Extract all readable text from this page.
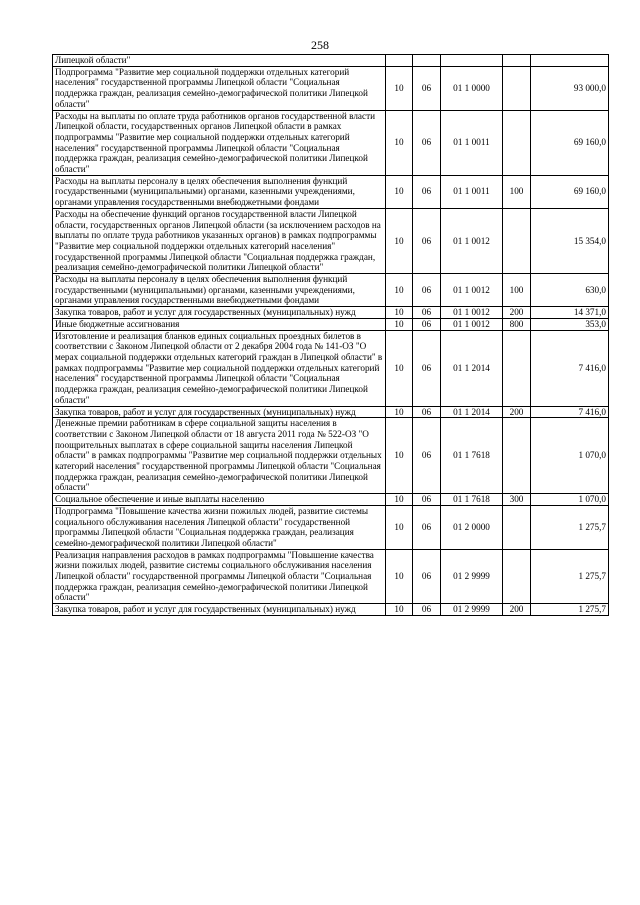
258
Липецкой области"					
Подпрограмма "Развитие мер социальной поддержки отдельных категорий населения" государственной программы Липецкой области "Социальная поддержка граждан, реализация семейно-демографической политики Липецкой области"	10	06	01 1 0000		93 000,0
Расходы на выплаты по оплате труда работников органов государственной власти Липецкой области, государственных органов Липецкой области в рамках подпрограммы "Развитие мер социальной поддержки отдельных категорий населения" государственной программы Липецкой области "Социальная поддержка граждан, реализация семейно-демографической политики Липецкой области"	10	06	01 1 0011		69 160,0
Расходы на выплаты персоналу в целях обеспечения выполнения функций государственными (муниципальными) органами, казенными учреждениями, органами управления государственными внебюджетными фондами	10	06	01 1 0011	100	69 160,0
Расходы на обеспечение функций органов государственной власти Липецкой области, государственных органов Липецкой области (за исключением расходов на выплаты по оплате труда работников указанных органов) в рамках подпрограммы "Развитие мер социальной поддержки отдельных категорий населения" государственной программы Липецкой области "Социальная поддержка граждан, реализация семейно-демографической политики Липецкой области"	10	06	01 1 0012		15 354,0
Расходы на выплаты персоналу в целях обеспечения выполнения функций государственными (муниципальными) органами, казенными учреждениями, органами управления государственными внебюджетными фондами	10	06	01 1 0012	100	630,0
Закупка товаров, работ и услуг для государственных (муниципальных) нужд	10	06	01 1 0012	200	14 371,0
Иные бюджетные ассигнования	10	06	01 1 0012	800	353,0
Изготовление и реализация бланков единых социальных проездных билетов в соответствии с Законом Липецкой области от 2 декабря 2004 года № 141-ОЗ "О мерах социальной поддержки отдельных категорий граждан в Липецкой области" в рамках подпрограммы "Развитие мер социальной поддержки отдельных категорий населения" государственной программы Липецкой области "Социальная поддержка граждан, реализация семейно-демографической политики Липецкой области"	10	06	01 1 2014		7 416,0
Закупка товаров, работ и услуг для государственных (муниципальных) нужд	10	06	01 1 2014	200	7 416,0
Денежные премии работникам в сфере социальной защиты населения в соответствии с Законом Липецкой области от 18 августа 2011 года № 522-ОЗ "О поощрительных выплатах в сфере социальной защиты населения Липецкой области" в рамках подпрограммы "Развитие мер социальной поддержки отдельных категорий населения" государственной программы Липецкой области "Социальная поддержка граждан, реализация семейно-демографической политики Липецкой области"	10	06	01 1 7618		1 070,0
Социальное обеспечение и иные выплаты населению	10	06	01 1 7618	300	1 070,0
Подпрограмма "Повышение качества жизни пожилых людей, развитие системы социального обслуживания населения Липецкой области" государственной программы Липецкой области "Социальная поддержка граждан, реализация семейно-демографической политики Липецкой области"	10	06	01 2 0000		1 275,7
Реализация направления расходов в рамках подпрограммы "Повышение качества жизни пожилых людей, развитие системы социального обслуживания населения Липецкой области" государственной программы Липецкой области "Социальная поддержка граждан, реализация семейно-демографической политики Липецкой области"	10	06	01 2 9999		1 275,7
Закупка товаров, работ и услуг для государственных (муниципальных) нужд	10	06	01 2 9999	200	1 275,7
